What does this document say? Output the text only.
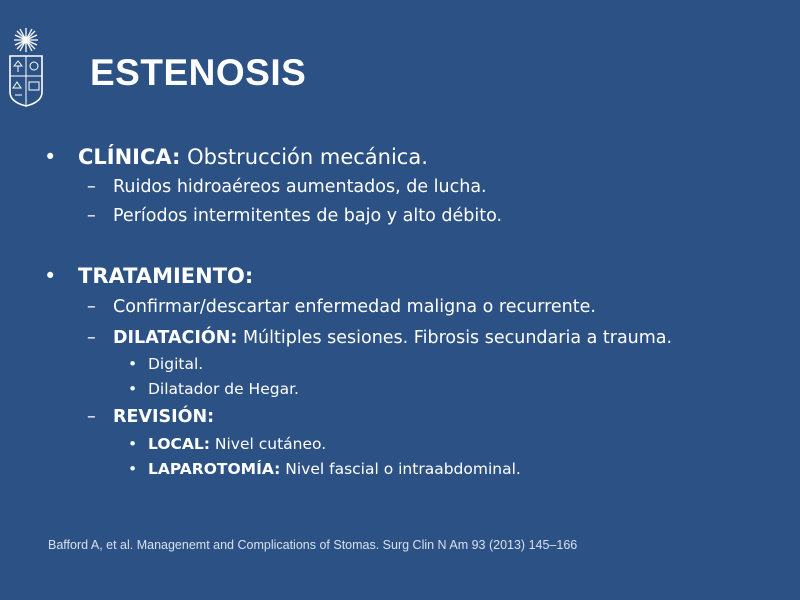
ESTENOSIS
• CLÍNICA: Obstrucción mecánica.
– Ruidos hidroaéreos aumentados, de lucha.
– Períodos intermitentes de bajo y alto débito.
• TRATAMIENTO:
– Confirmar/descartar enfermedad maligna o recurrente.
– DILATACIÓN: Múltiples sesiones. Fibrosis secundaria a trauma.
• Digital.
• Dilatador de Hegar.
– REVISIÓN:
• LOCAL: Nivel cutáneo.
• LAPAROTOMÍA: Nivel fascial o intraabdominal.
Bafford A, et al. Managenemt and Complications of Stomas. Surg Clin N Am 93 (2013) 145–166
